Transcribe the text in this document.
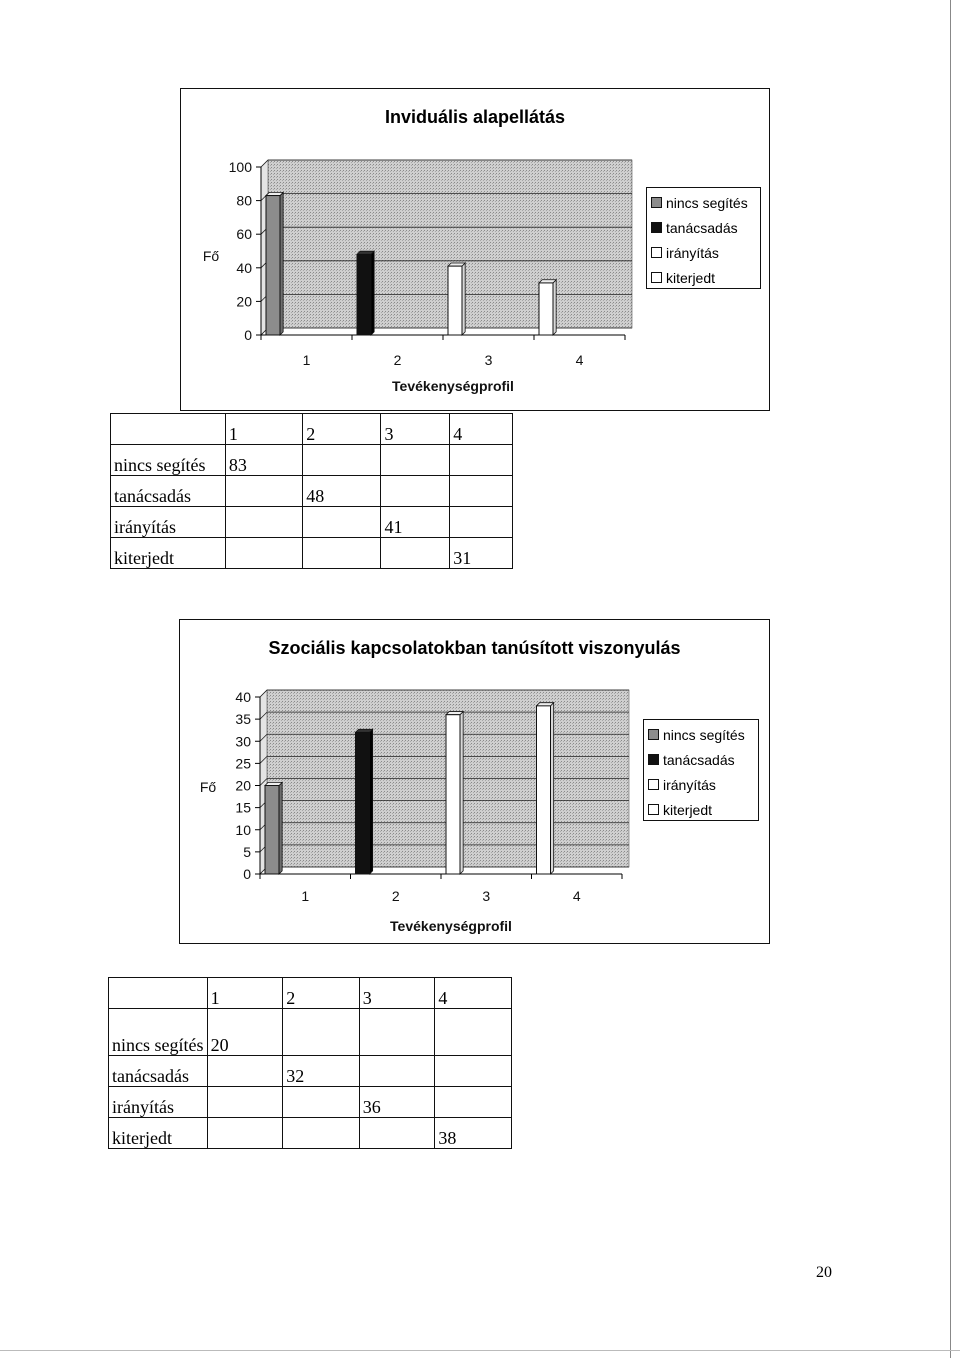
Inviduális alapellátás
0
20
40
60
80
100
1	2	3	4
Fő
Tevékenységprofil
nincs segítés
tanácsadás
irányítás
kiterjedt
	1	2	3	4
nincs segítés	83			
tanácsadás		48		
irányítás			41	
kiterjedt				31
Szociális kapcsolatokban tanúsított viszonyulás
0
5
10
15
20
25
30
35
40
1	2	3	4
Fő
Tevékenységprofil
nincs segítés
tanácsadás
irányítás
kiterjedt
	1	2	3	4
nincs segítés	20			
tanácsadás		32		
irányítás			36	
kiterjedt				38
20
